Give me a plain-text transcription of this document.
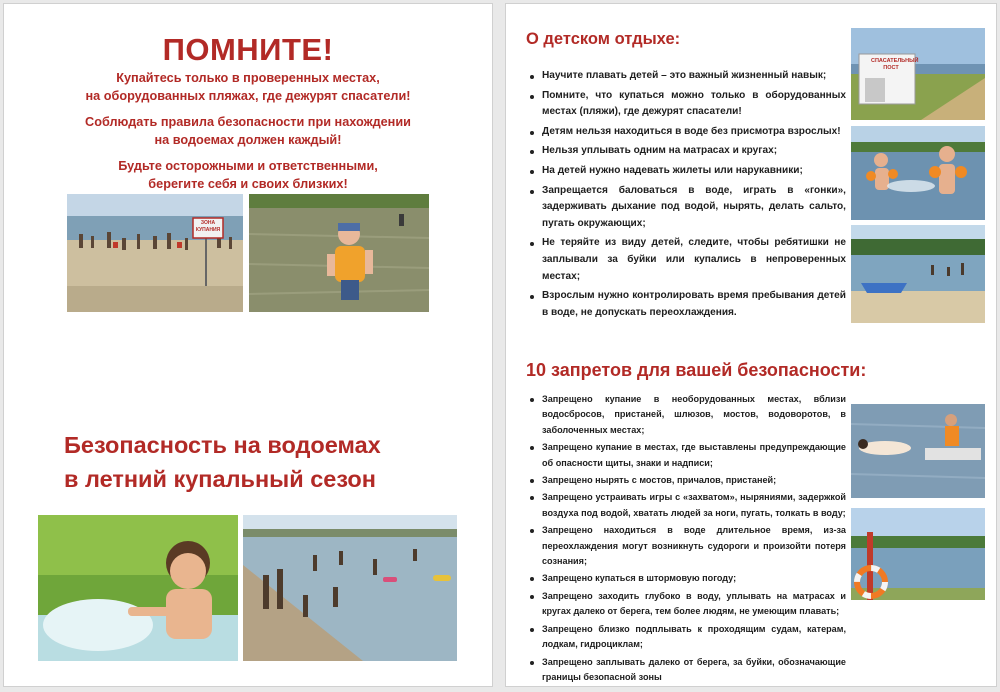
ПОМНИТЕ!
Купайтесь только в проверенных местах,
на оборудованных пляжах, где дежурят спасатели!
Соблюдать правила безопасности при нахождении
на водоемах должен каждый!
Будьте осторожными и ответственными,
берегите себя и своих близких!
ЗОНА КУПАНИЯ
Безопасность на водоемах
в летний купальный сезон
О детском отдыхе:
Научите плавать детей – это важный жизненный навык;
Помните, что купаться можно только в оборудованных местах (пляжи), где дежурят спасатели!
Детям нельзя находиться в воде без присмотра взрослых!
Нельзя уплывать одним на матрасах и кругах;
На детей нужно надевать жилеты или нарукавники;
Запрещается баловаться в воде, играть в «гонки», задерживать дыхание под водой, нырять, делать сальто, пугать окружающих;
Не теряйте из виду детей, следите, чтобы ребятишки не заплывали за буйки или купались в непроверенных местах;
Взрослым нужно контролировать время пребывания детей в воде, не допускать переохлаждения.
СПАСАТЕЛЬНЫЙ ПОСТ
10 запретов для вашей безопасности:
Запрещено купание в необорудованных местах, вблизи водосбросов, пристаней, шлюзов, мостов, водоворотов, в заболоченных местах;
Запрещено купание в местах, где выставлены предупреждающие об опасности щиты, знаки и надписи;
Запрещено нырять с мостов, причалов, пристаней;
Запрещено устраивать игры с «захватом», ныряниями, задержкой воздуха под водой, хватать людей за ноги, пугать, толкать в воду;
Запрещено находиться в воде длительное время, из-за переохлаждения могут возникнуть судороги и произойти потеря сознания;
Запрещено купаться в штормовую погоду;
Запрещено заходить глубоко в воду, уплывать на матрасах и кругах далеко от берега, тем более людям, не умеющим плавать;
Запрещено близко подплывать к проходящим судам, катерам, лодкам, гидроциклам;
Запрещено заплывать далеко от берега, за буйки, обозначающие границы безопасной зоны
